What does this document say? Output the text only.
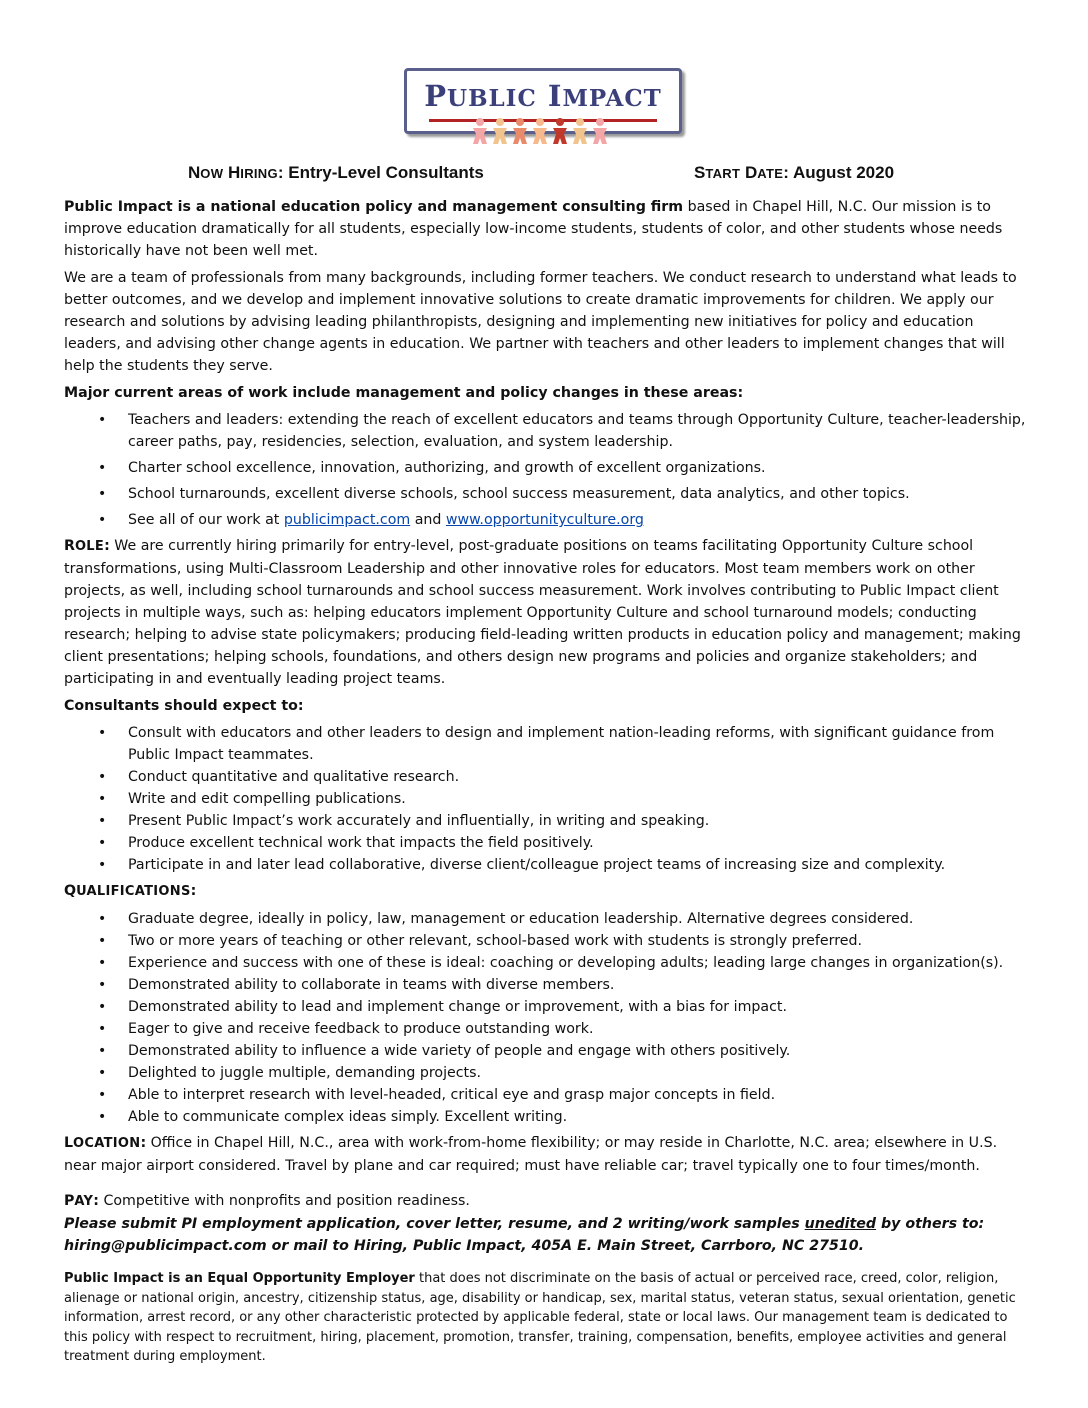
PUBLIC IMPACT
NOW HIRING: Entry-Level Consultants	START DATE: August 2020

Public Impact is a national education policy and management consulting firm based in Chapel Hill, N.C. Our mission is to improve education dramatically for all students, especially low-income students, students of color, and other students whose needs historically have not been well met.

We are a team of professionals from many backgrounds, including former teachers. We conduct research to understand what leads to better outcomes, and we develop and implement innovative solutions to create dramatic improvements for children. We apply our research and solutions by advising leading philanthropists, designing and implementing new initiatives for policy and education leaders, and advising other change agents in education. We partner with teachers and other leaders to implement changes that will help the students they serve.

Major current areas of work include management and policy changes in these areas:

• Teachers and leaders: extending the reach of excellent educators and teams through Opportunity Culture, teacher-leadership, career paths, pay, residencies, selection, evaluation, and system leadership.
• Charter school excellence, innovation, authorizing, and growth of excellent organizations.
• School turnarounds, excellent diverse schools, school success measurement, data analytics, and other topics.
• See all of our work at publicimpact.com and www.opportunityculture.org

ROLE: We are currently hiring primarily for entry-level, post-graduate positions on teams facilitating Opportunity Culture school transformations, using Multi-Classroom Leadership and other innovative roles for educators. Most team members work on other projects, as well, including school turnarounds and school success measurement. Work involves contributing to Public Impact client projects in multiple ways, such as: helping educators implement Opportunity Culture and school turnaround models; conducting research; helping to advise state policymakers; producing field-leading written products in education policy and management; making client presentations; helping schools, foundations, and others design new programs and policies and organize stakeholders; and participating in and eventually leading project teams.

Consultants should expect to:

• Consult with educators and other leaders to design and implement nation-leading reforms, with significant guidance from Public Impact teammates.
• Conduct quantitative and qualitative research.
• Write and edit compelling publications.
• Present Public Impact’s work accurately and influentially, in writing and speaking.
• Produce excellent technical work that impacts the field positively.
• Participate in and later lead collaborative, diverse client/colleague project teams of increasing size and complexity.

QUALIFICATIONS:

• Graduate degree, ideally in policy, law, management or education leadership. Alternative degrees considered.
• Two or more years of teaching or other relevant, school-based work with students is strongly preferred.
• Experience and success with one of these is ideal: coaching or developing adults; leading large changes in organization(s).
• Demonstrated ability to collaborate in teams with diverse members.
• Demonstrated ability to lead and implement change or improvement, with a bias for impact.
• Eager to give and receive feedback to produce outstanding work.
• Demonstrated ability to influence a wide variety of people and engage with others positively.
• Delighted to juggle multiple, demanding projects.
• Able to interpret research with level-headed, critical eye and grasp major concepts in field.
• Able to communicate complex ideas simply. Excellent writing.

LOCATION: Office in Chapel Hill, N.C., area with work-from-home flexibility; or may reside in Charlotte, N.C. area; elsewhere in U.S. near major airport considered. Travel by plane and car required; must have reliable car; travel typically one to four times/month.

PAY: Competitive with nonprofits and position readiness.

Please submit PI employment application, cover letter, resume, and 2 writing/work samples unedited by others to:

hiring@publicimpact.com or mail to Hiring, Public Impact, 405A E. Main Street, Carrboro, NC 27510.

Public Impact is an Equal Opportunity Employer that does not discriminate on the basis of actual or perceived race, creed, color, religion, alienage or national origin, ancestry, citizenship status, age, disability or handicap, sex, marital status, veteran status, sexual orientation, genetic information, arrest record, or any other characteristic protected by applicable federal, state or local laws. Our management team is dedicated to this policy with respect to recruitment, hiring, placement, promotion, transfer, training, compensation, benefits, employee activities and general treatment during employment.
